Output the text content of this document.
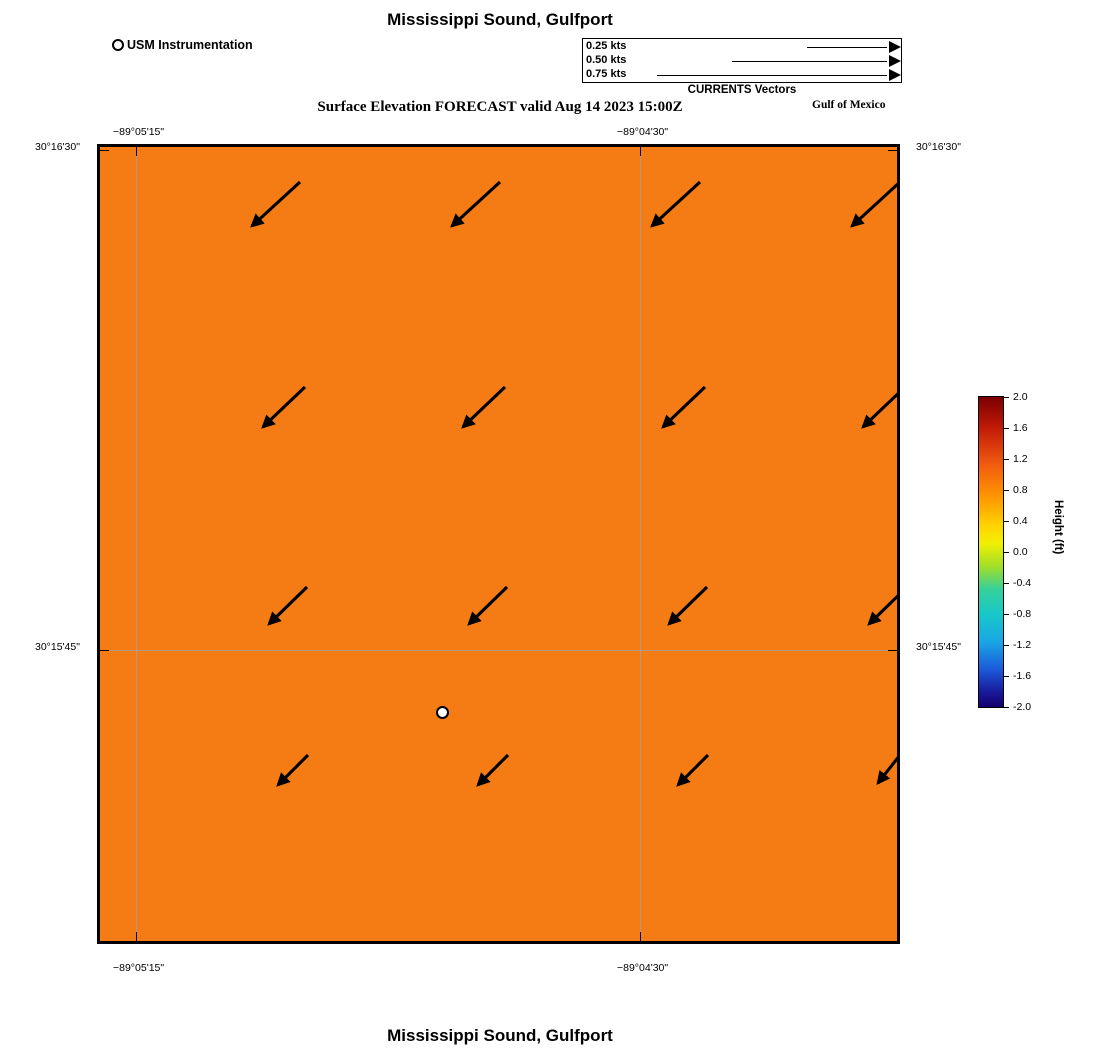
Mississippi Sound, Gulfport
Surface Elevation FORECAST valid Aug 14 2023 15:00Z	Gulf of Mexico
Mississippi Sound, Gulfport
USM Instrumentation	0.25 kts
0.50 kts
0.75 kts
CURRENTS Vectors
−89°05'15"	−89°04'30"
−89°05'15"	−89°04'30"
30°16'30"
30°15'45"
30°16'30"
30°15'45"
2.0
1.6
1.2
0.8
0.4
0.0
-0.4
-0.8
-1.2
-1.6
-2.0
Height (ft)
